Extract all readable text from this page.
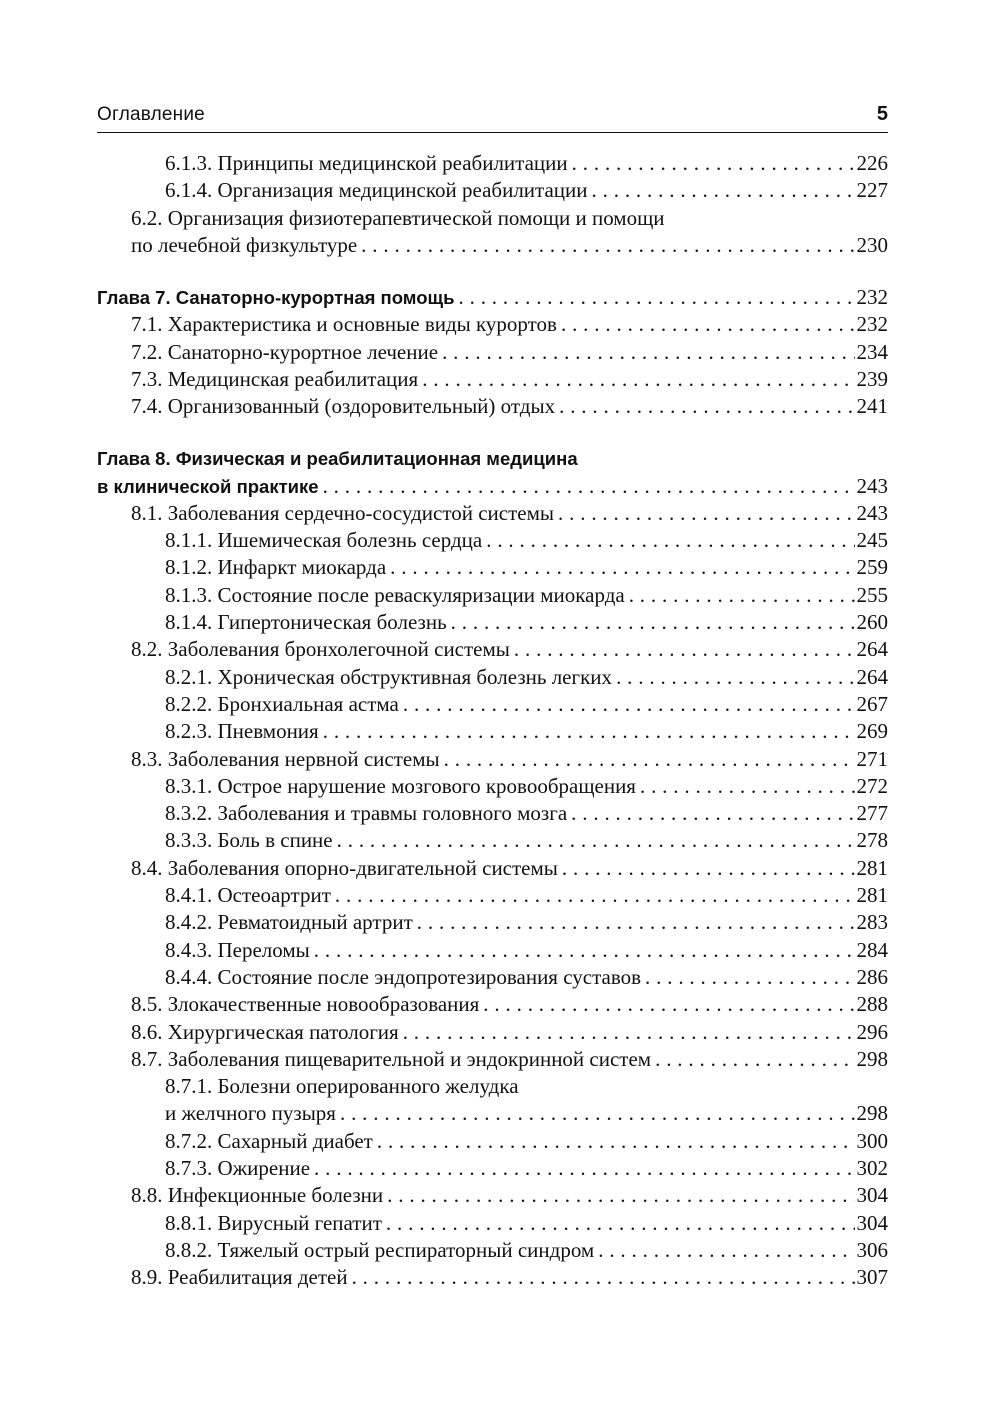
Оглавление	5
6.1.3. Принципы медицинской реабилитации . . .	226
6.1.4. Организация медицинской реабилитации . . .	227
6.2. Организация физиотерапевтической помощи и помощи
по лечебной физкультуре . . .	230
Глава 7. Санаторно-курортная помощь . . .	232
7.1. Характеристика и основные виды курортов . . .	232
7.2. Санаторно-курортное лечение . . .	234
7.3. Медицинская реабилитация . . .	239
7.4. Организованный (оздоровительный) отдых . . .	241
Глава 8. Физическая и реабилитационная медицина
в клинической практике . . .	243
8.1. Заболевания сердечно-сосудистой системы . . .	243
8.1.1. Ишемическая болезнь сердца . . .	245
8.1.2. Инфаркт миокарда . . .	259
8.1.3. Состояние после реваскуляризации миокарда . . .	255
8.1.4. Гипертоническая болезнь . . .	260
8.2. Заболевания бронхолегочной системы . . .	264
8.2.1. Хроническая обструктивная болезнь легких . . .	264
8.2.2. Бронхиальная астма . . .	267
8.2.3. Пневмония . . .	269
8.3. Заболевания нервной системы . . .	271
8.3.1. Острое нарушение мозгового кровообращения . . .	272
8.3.2. Заболевания и травмы головного мозга . . .	277
8.3.3. Боль в спине . . .	278
8.4. Заболевания опорно-двигательной системы . . .	281
8.4.1. Остеоартрит . . .	281
8.4.2. Ревматоидный артрит . . .	283
8.4.3. Переломы . . .	284
8.4.4. Состояние после эндопротезирования суставов . . .	286
8.5. Злокачественные новообразования . . .	288
8.6. Хирургическая патология . . .	296
8.7. Заболевания пищеварительной и эндокринной систем . . .	298
8.7.1. Болезни оперированного желудка
и желчного пузыря . . .	298
8.7.2. Сахарный диабет . . .	300
8.7.3. Ожирение . . .	302
8.8. Инфекционные болезни . . .	304
8.8.1. Вирусный гепатит . . .	304
8.8.2. Тяжелый острый респираторный синдром . . .	306
8.9. Реабилитация детей . . .	307
